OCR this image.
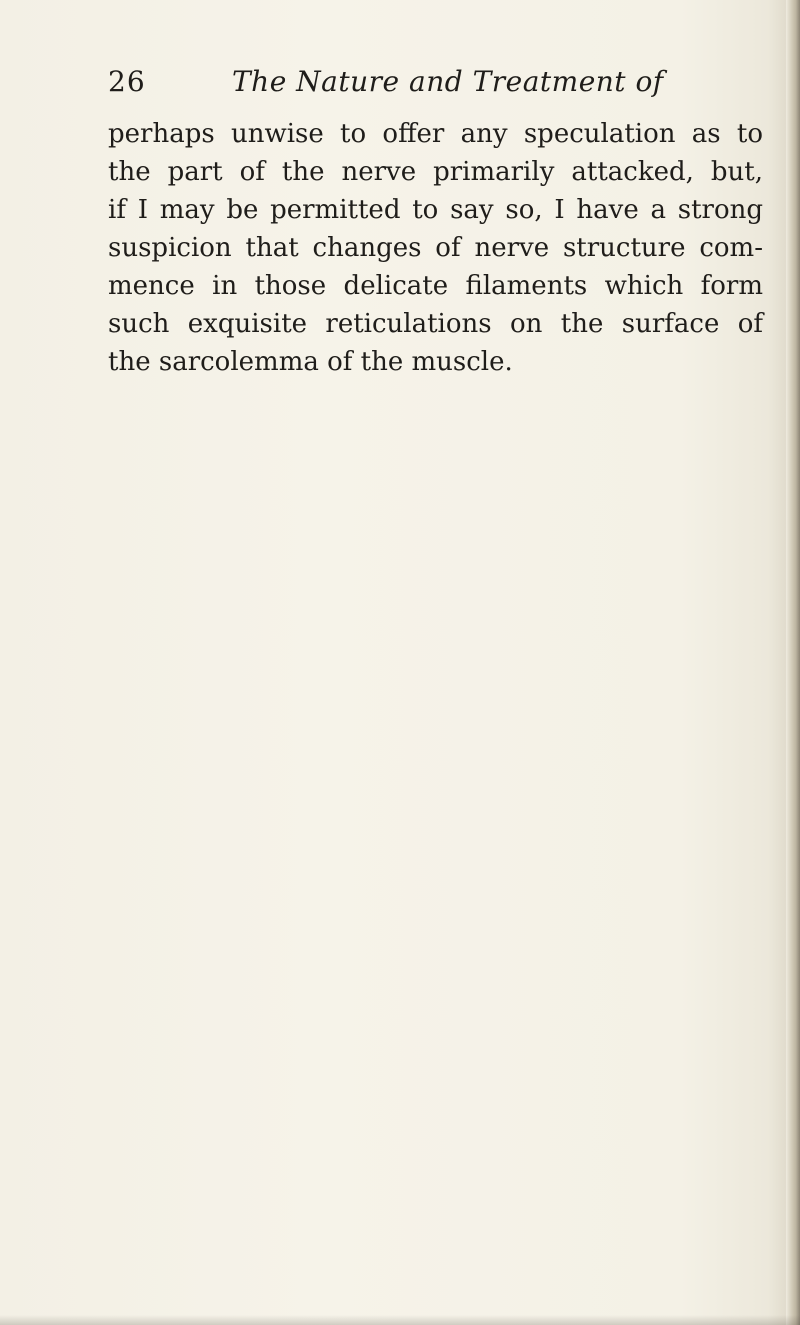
26	The Nature and Treatment of
perhaps unwise to offer any speculation as to
the part of the nerve primarily attacked, but,
if I may be permitted to say so, I have a strong
suspicion that changes of nerve structure com-
mence in those delicate filaments which form
such exquisite reticulations on the surface of
the sarcolemma of the muscle.
